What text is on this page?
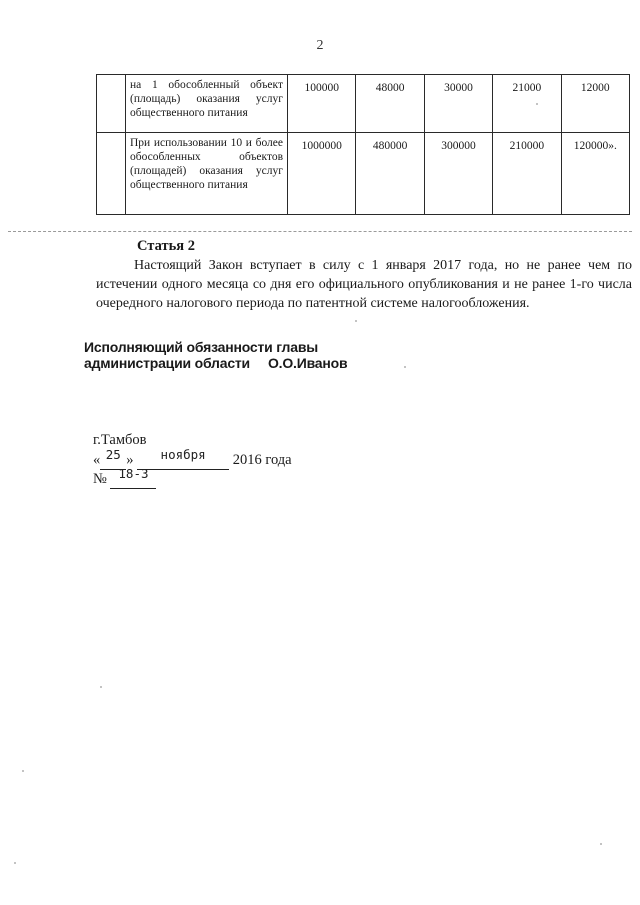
2
	на 1 обособленный объект (площадь) оказания услуг общественного питания	100000	48000	30000	21000	12000
	При использовании 10 и более обособленных объектов (площадей) оказания услуг общественного питания	1000000	480000	300000	210000	120000».
Статья 2
Настоящий Закон вступает в силу с 1 января 2017 года, но не ранее чем по истечении одного месяца со дня его официального опубликования и не ранее 1-го числа очередного налогового периода по патентной системе налогообложения.
Исполняющий обязанности главы
администрации области О.О.Иванов
г.Тамбов
« 25 » ноября 2016 года
№ 18-З
